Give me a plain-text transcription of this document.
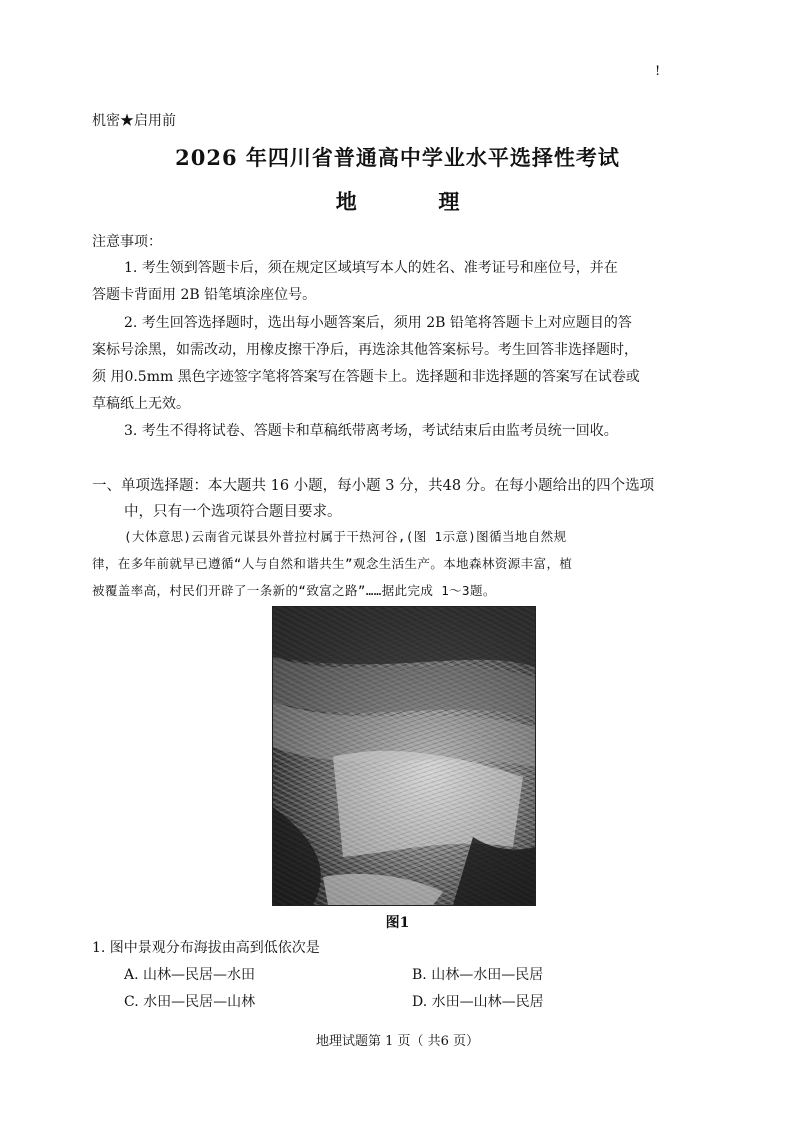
!
机密★启用前
2026 年四川省普通高中学业水平选择性考试
地	理
注意事项：
1. 考生领到答题卡后，须在规定区域填写本人的姓名、准考证号和座位号，并在
答题卡背面用 2B 铅笔填涂座位号。
2. 考生回答选择题时，选出每小题答案后，须用 2B 铅笔将答题卡上对应题目的答
案标号涂黑，如需改动，用橡皮擦干净后，再选涂其他答案标号。考生回答非选择题时，
须 用0.5mm 黑色字迹签字笔将答案写在答题卡上。选择题和非选择题的答案写在试卷或
草稿纸上无效。
3. 考生不得将试卷、答题卡和草稿纸带离考场，考试结束后由监考员统一回收。
一、单项选择题：本大题共 16 小题，每小题 3 分，共48 分。在每小题给出的四个选项
中，只有一个选项符合题目要求。
(大体意思)云南省元谋县外普拉村属于干热河谷,(图 1示意)图循当地自然规
律，在多年前就早已遵循“人与自然和谐共生”观念生活生产。本地森林资源丰富，植
被覆盖率高，村民们开辟了一条新的“致富之路”……据此完成 1～3题。
图1
1. 图中景观分布海拔由高到低依次是
A. 山林—民居—水田	B. 山林—水田—民居
C. 水田—民居—山林	D. 水田—山林—民居
地理试题第 1 页（ 共6 页）
